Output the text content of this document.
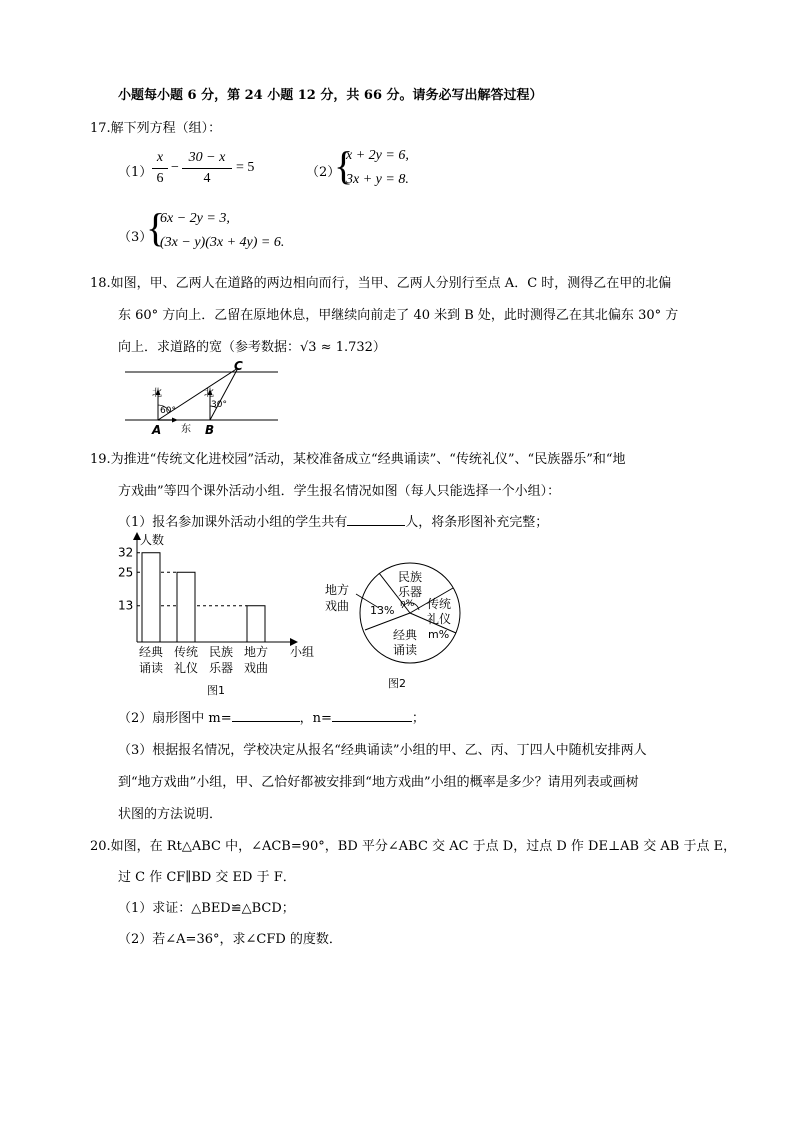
小题每小题 6 分，第 24 小题 12 分，共 66 分。请务必写出解答过程）
17.解下列方程（组）：
（1）
x
6
−
30 − x
4
= 5	（2）
{
x + 2y = 6,
3x + y = 8.
（3）
{
6x − 2y = 3,
(3x − y)(3x + 4y) = 6.
18.如图，甲、乙两人在道路的两边相向而行，当甲、乙两人分别行至点 A．C 时，测得乙在甲的北偏
东 60° 方向上．乙留在原地休息，甲继续向前走了 40 米到 B 处，此时测得乙在其北偏东 30° 方
向上．求道路的宽（参考数据：√3 ≈ 1.732）
北	北
60°
30°
东
C
A	B
19.为推进“传统文化进校园”活动，某校准备成立“经典诵读”、“传统礼仪”、“民族器乐”和“地
方戏曲”等四个课外活动小组．学生报名情况如图（每人只能选择一个小组）：
（1）报名参加课外活动小组的学生共有	人，将条形图补充完整；
13
25
32
经典
诵读
传统
礼仪
民族
乐器
地方
戏曲
人数
小组
图1
民族
乐器
n% 传统
礼仪
m%
经典
诵读
地方
戏曲 13%
图2
（2）扇形图中 m=	，n=	；
（3）根据报名情况，学校决定从报名“经典诵读”小组的甲、乙、丙、丁四人中随机安排两人
到“地方戏曲”小组，甲、乙恰好都被安排到“地方戏曲”小组的概率是多少？请用列表或画树
状图的方法说明．
20.如图，在 Rt△ABC 中，∠ACB=90°，BD 平分∠ABC 交 AC 于点 D，过点 D 作 DE⊥AB 交 AB 于点 E，
过 C 作 CF∥BD 交 ED 于 F．
（1）求证：△BED≌△BCD；
（2）若∠A=36°，求∠CFD 的度数．
